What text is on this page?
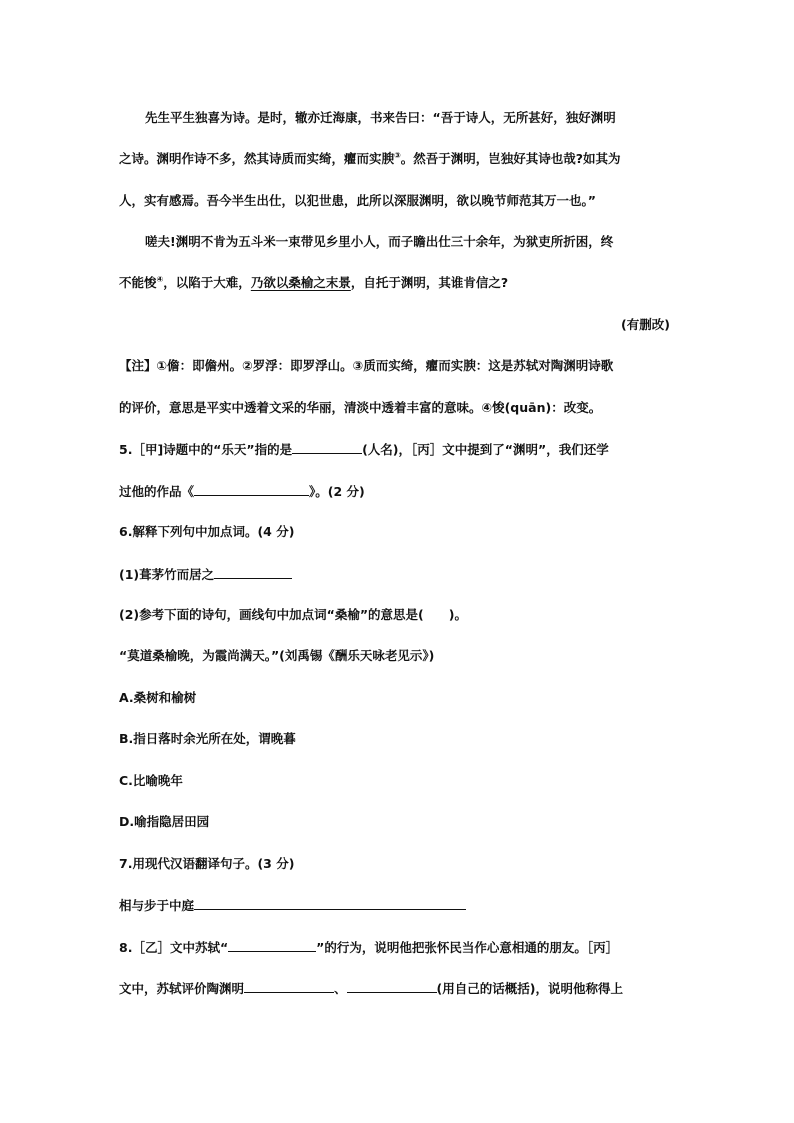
先生平生独喜为诗。是时，辙亦迁海康，书来告曰：“吾于诗人，无所甚好，独好渊明
之诗。渊明作诗不多，然其诗质而实绮，癯而实腴③。然吾于渊明，岂独好其诗也哉?如其为
人，实有感焉。吾今半生出仕，以犯世患，此所以深服渊明，欲以晚节师范其万一也。”
嗟夫!渊明不肯为五斗米一束带见乡里小人，而子瞻出仕三十余年，为狱吏所折困，终
不能悛④，以陷于大难，乃欲以桑榆之末景，自托于渊明，其谁肯信之?
(有删改)
【注】①儋：即儋州。②罗浮：即罗浮山。③质而实绮，癯而实腴：这是苏轼对陶渊明诗歌
的评价，意思是平实中透着文采的华丽，清淡中透着丰富的意味。④悛(quān)：改变。
5.［甲]诗题中的“乐天”指的是	(人名)，［丙］文中提到了“渊明”，我们还学
过他的作品《	》。(2 分)
6.解释下列句中加点词。(4 分)
(1)葺茅竹而居之
(2)参考下面的诗句，画线句中加点词“桑榆”的意思是(　　)。
“莫道桑榆晚，为霞尚满天。”(刘禹锡《酬乐天咏老见示》)
A.桑树和榆树
B.指日落时余光所在处，谓晚暮
C.比喻晚年
D.喻指隐居田园
7.用现代汉语翻译句子。(3 分)
相与步于中庭
8.［乙］文中苏轼“	”的行为，说明他把张怀民当作心意相通的朋友。［丙］
文中，苏轼评价陶渊明	、	(用自己的话概括)，说明他称得上
